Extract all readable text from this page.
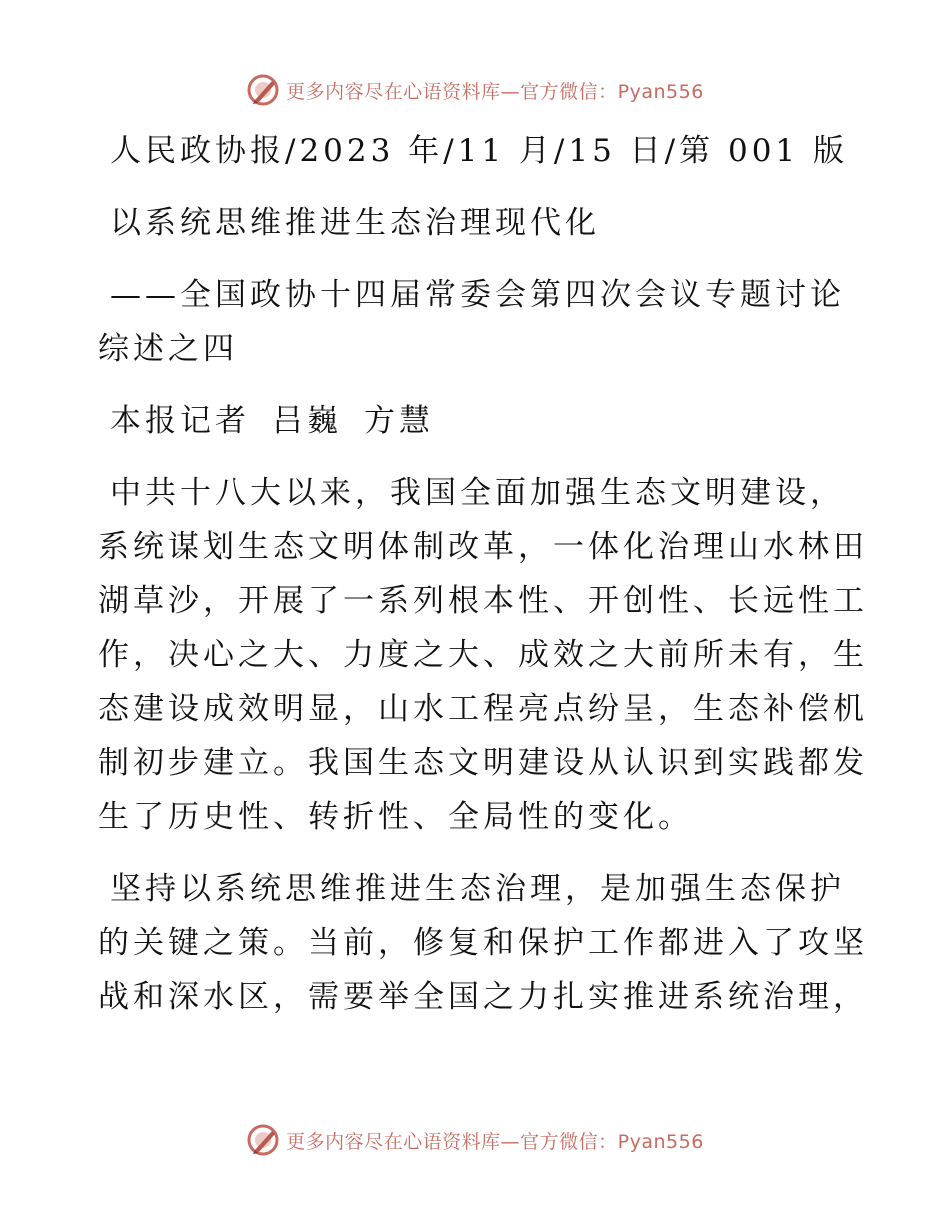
更多内容尽在心语资料库—官方微信：Pyan556

人民政协报/2023 年/11 月/15 日/第 001 版

以系统思维推进生态治理现代化

——全国政协十四届常委会第四次会议专题讨论

综述之四

本报记者 吕巍 方慧

中共十八大以来，我国全面加强生态文明建设，

系统谋划生态文明体制改革，一体化治理山水林田

湖草沙，开展了一系列根本性、开创性、长远性工

作，决心之大、力度之大、成效之大前所未有，生

态建设成效明显，山水工程亮点纷呈，生态补偿机

制初步建立。我国生态文明建设从认识到实践都发

生了历史性、转折性、全局性的变化。

坚持以系统思维推进生态治理，是加强生态保护

的关键之策。当前，修复和保护工作都进入了攻坚

战和深水区，需要举全国之力扎实推进系统治理，

更多内容尽在心语资料库—官方微信：Pyan556
